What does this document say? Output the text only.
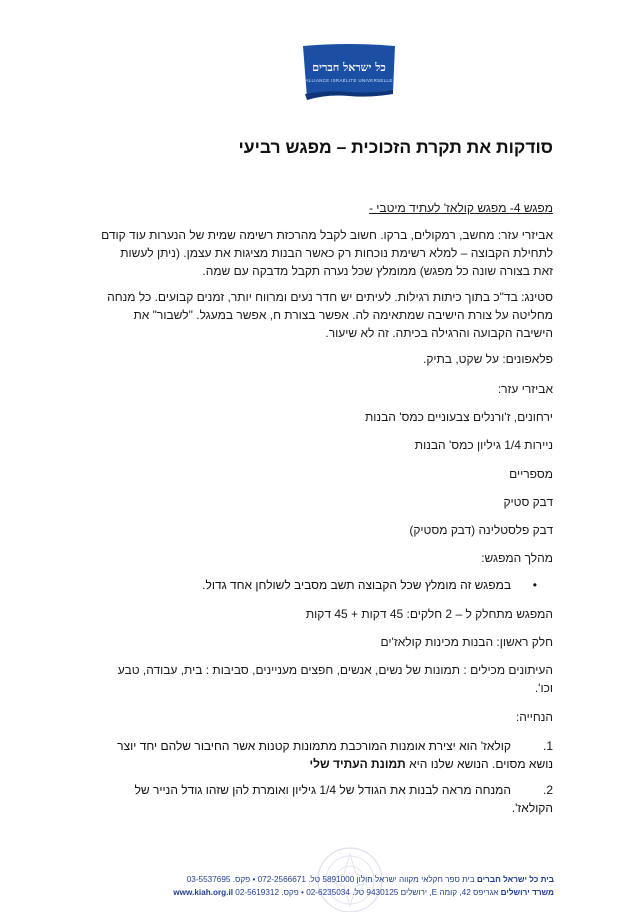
כל ישראל חברים
ALLIANCE ISRAÉLITE UNIVERSELLE
סודקות את תקרת הזכוכית – מפגש רביעי
מפגש 4- מפגש קולאז' לעתיד מיטבי -
אביזרי עזר: מחשב, רמקולים, ברקו. חשוב לקבל מהרכזת רשימה שמית של הנערות עוד קודם לתחילת הקבוצה – למלא רשימת נוכחות רק כאשר הבנות מציגות את עצמן. (ניתן לעשות זאת בצורה שונה כל מפגש) ממומלץ שכל נערה תקבל מדבקה עם שמה.
סטינג: בד"כ בתוך כיתות רגילות. לעיתים יש חדר נעים ומרווח יותר, זמנים קבועים. כל מנחה מחליטה על צורת הישיבה שמתאימה לה. אפשר בצורת ח, אפשר במעגל. "לשבור" את הישיבה הקבועה והרגילה בכיתה. זה לא שיעור.
פלאפונים: על שקט, בתיק.
אביזרי עזר:
ירחונים, ז'ורנלים צבעוניים כמס' הבנות
ניירות 1/4 גיליון כמס' הבנות
מספריים
דבק סטיק
דבק פלסטלינה (דבק מסטיק)
מהלך המפגש:
•
במפגש זה מומלץ שכל הקבוצה תשב מסביב לשולחן אחד גדול.
המפגש מתחלק ל – 2 חלקים: 45 דקות + 45 דקות
חלק ראשון: הבנות מכינות קולאז'ים
העיתונים מכילים : תמונות של נשים, אנשים, חפצים מעניינים, סביבות : בית, עבודה, טבע וכו'.
הנחייה:
1.
קולאז' הוא יצירת אומנות המורכבת מתמונות קטנות אשר החיבור שלהם יחד יוצר נושא מסוים. הנושא שלנו היא תמונת העתיד שלי
2.
המנחה מראה לבנות את הגודל של 1/4 גיליון ואומרת להן שזהו גודל הנייר של הקולאז'.
בית כל ישראל חברים בית ספר חקלאי מקווה ישראל חולון 5891000 טל. 072-2566671 • פקס. 03-5537695
משרד ירושלים אגריפס 42, קומה E, ירושלים 9430125 טל. 02-6235034 • פקס. 02-5619312 www.kiah.org.il
